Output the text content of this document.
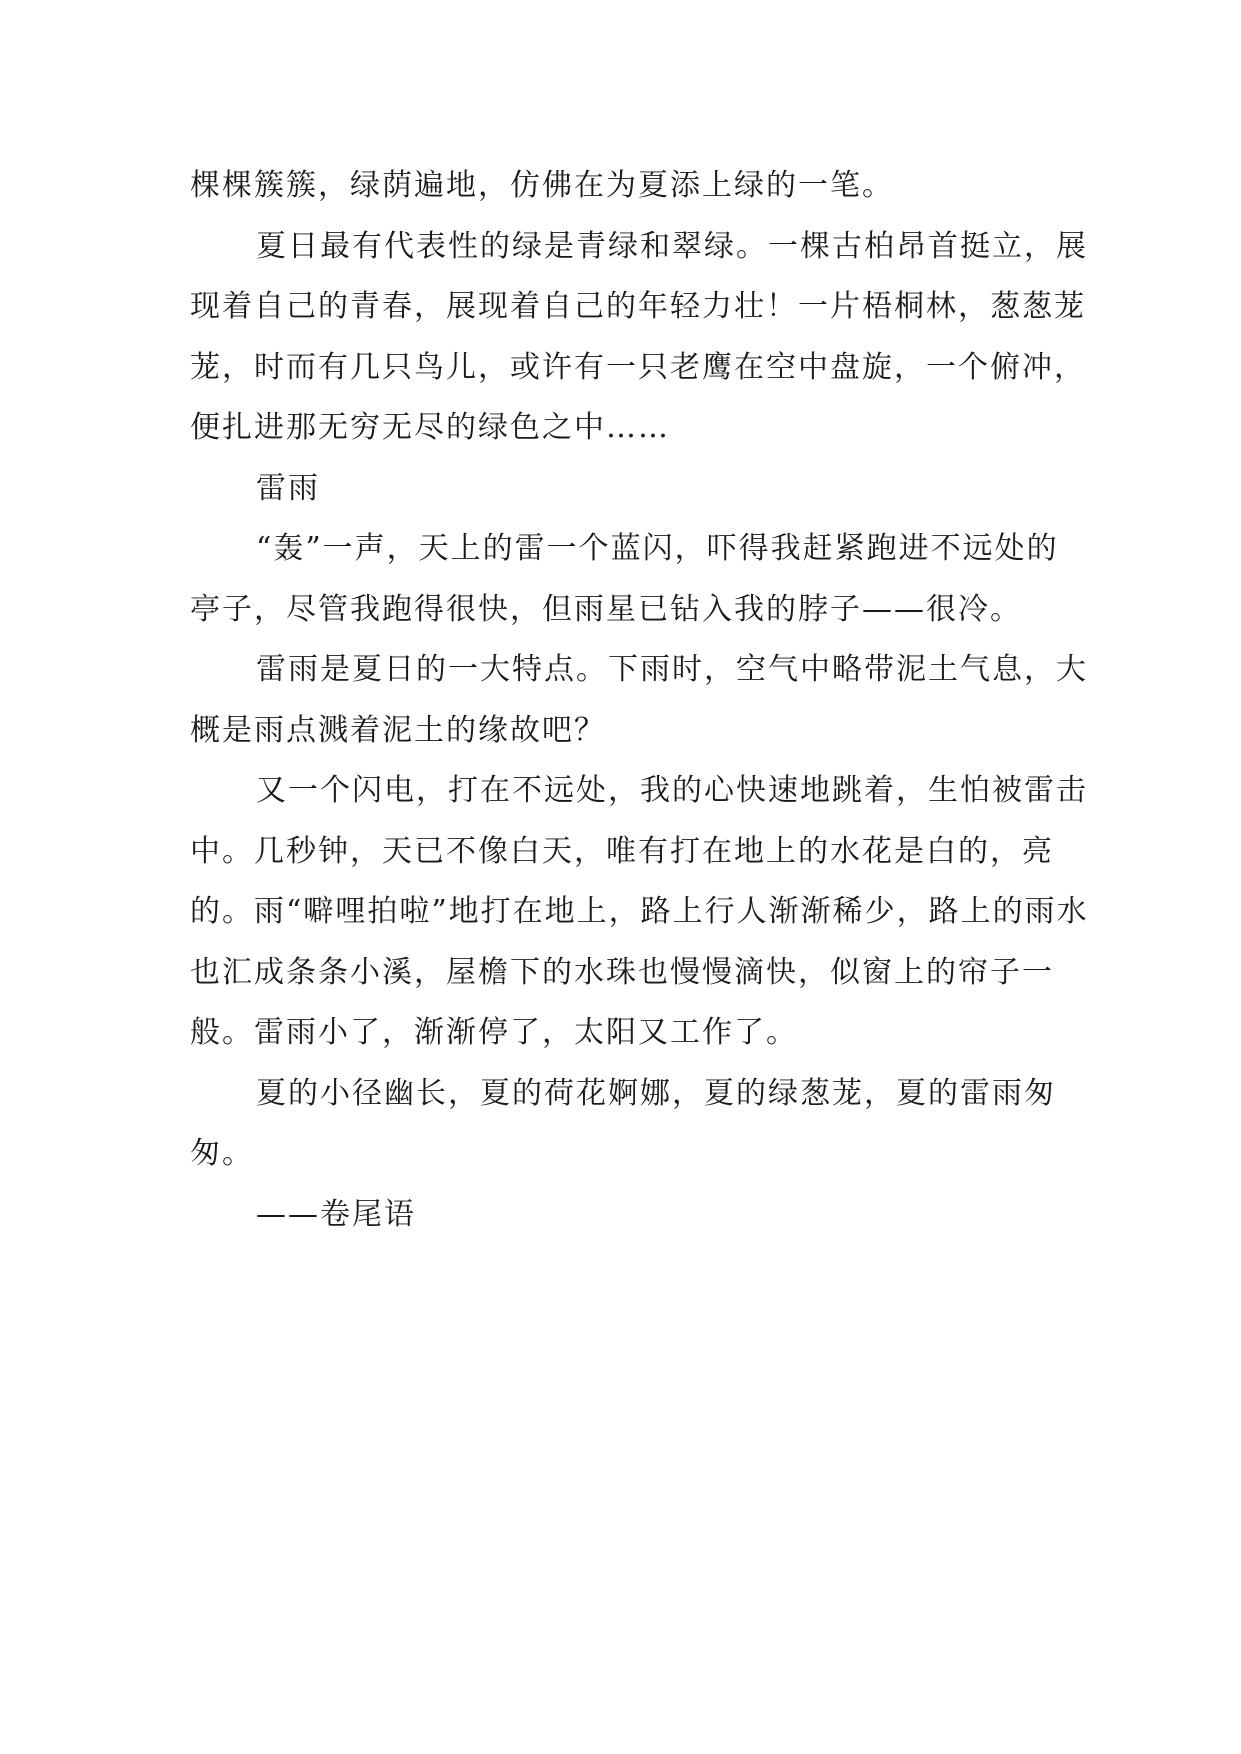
棵棵簇簇，绿荫遍地，仿佛在为夏添上绿的一笔。

夏日最有代表性的绿是青绿和翠绿。一棵古柏昂首挺立，展现着自己的青春，展现着自己的年轻力壮！一片梧桐林，葱葱茏茏，时而有几只鸟儿，或许有一只老鹰在空中盘旋，一个俯冲，便扎进那无穷无尽的绿色之中……

雷雨

“轰”一声，天上的雷一个蓝闪，吓得我赶紧跑进不远处的亭子，尽管我跑得很快，但雨星已钻入我的脖子——很冷。

雷雨是夏日的一大特点。下雨时，空气中略带泥土气息，大概是雨点溅着泥土的缘故吧？

又一个闪电，打在不远处，我的心快速地跳着，生怕被雷击中。几秒钟，天已不像白天，唯有打在地上的水花是白的，亮的。雨“噼哩拍啦”地打在地上，路上行人渐渐稀少，路上的雨水也汇成条条小溪，屋檐下的水珠也慢慢滴快，似窗上的帘子一般。雷雨小了，渐渐停了，太阳又工作了。

夏的小径幽长，夏的荷花婀娜，夏的绿葱茏，夏的雷雨匆匆。

——卷尾语
